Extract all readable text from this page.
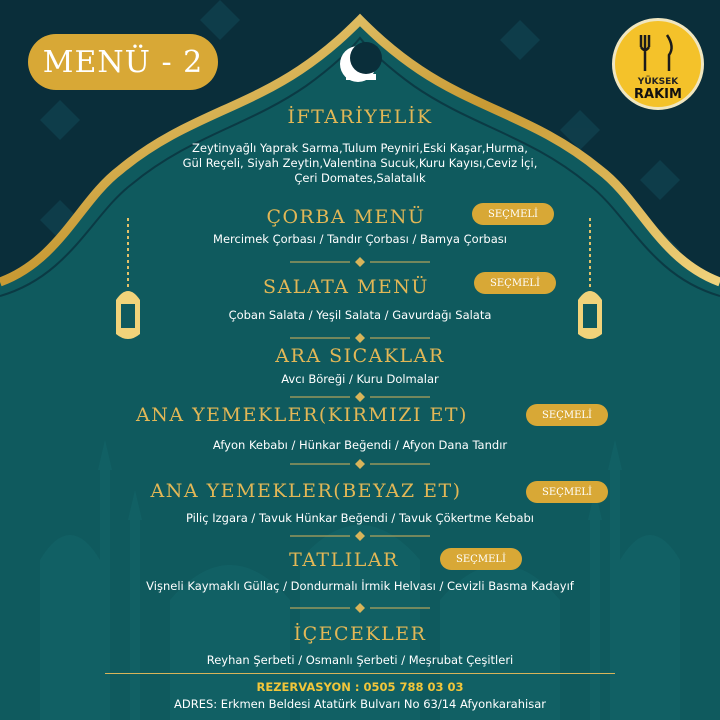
MENÜ - 2
YÜKSEK
RAKIM
İFTARİYELİK
Zeytinyağlı Yaprak Sarma,Tulum Peyniri,Eski Kaşar,Hurma,
Gül Reçeli, Siyah Zeytin,Valentina Sucuk,Kuru Kayısı,Ceviz İçi,
Çeri Domates,Salatalık
ÇORBA MENÜ	SEÇMELİ
Mercimek Çorbası / Tandır Çorbası / Bamya Çorbası
SALATA MENÜ	SEÇMELİ
Çoban Salata / Yeşil Salata / Gavurdağı Salata
ARA SICAKLAR
Avcı Böreği / Kuru Dolmalar
ANA YEMEKLER(KIRMIZI ET)	SEÇMELİ
Afyon Kebabı / Hünkar Beğendi / Afyon Dana Tandır
ANA YEMEKLER(BEYAZ ET)	SEÇMELİ
Piliç Izgara / Tavuk Hünkar Beğendi / Tavuk Çökertme Kebabı
TATLILAR	SEÇMELİ
Vişneli Kaymaklı Güllaç / Dondurmalı İrmik Helvası / Cevizli Basma Kadayıf
İÇECEKLER
Reyhan Şerbeti / Osmanlı Şerbeti / Meşrubat Çeşitleri
REZERVASYON : 0505 788 03 03
ADRES: Erkmen Beldesi Atatürk Bulvarı No 63/14 Afyonkarahisar
